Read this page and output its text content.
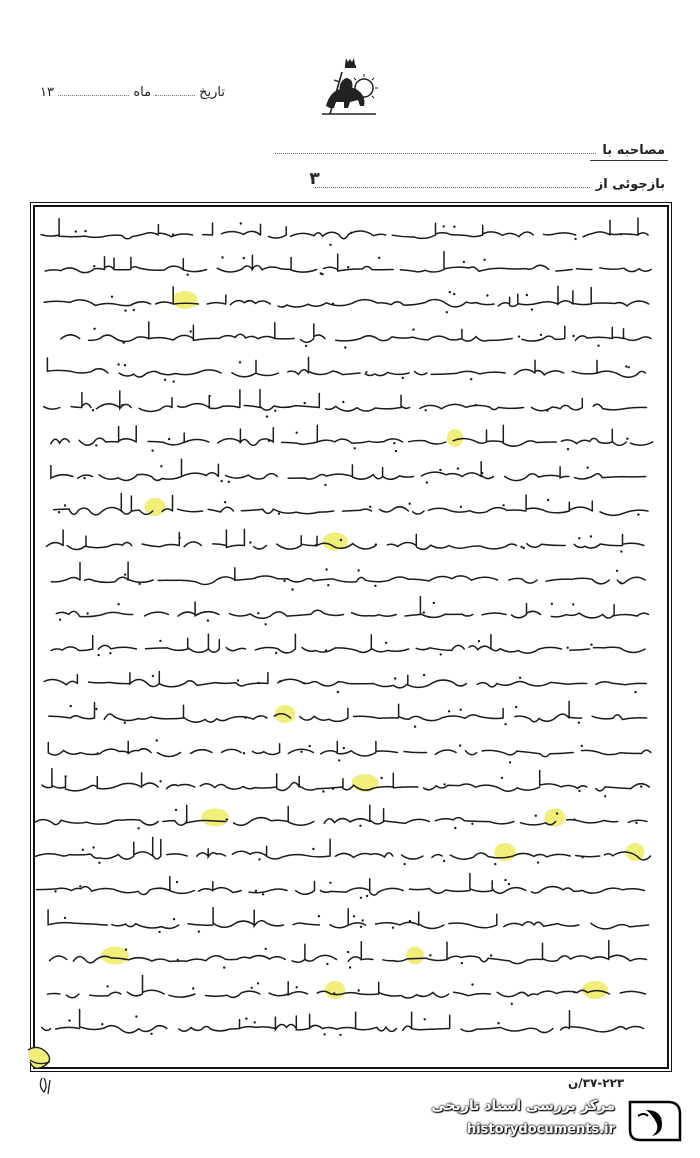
تاریخ
ماه
۱۳
مصاحبه با
بازجوئی از
۳
۳۷-۲۲۳/ن
مرکز بررسی اسناد تاریخی
historydocuments.ir
